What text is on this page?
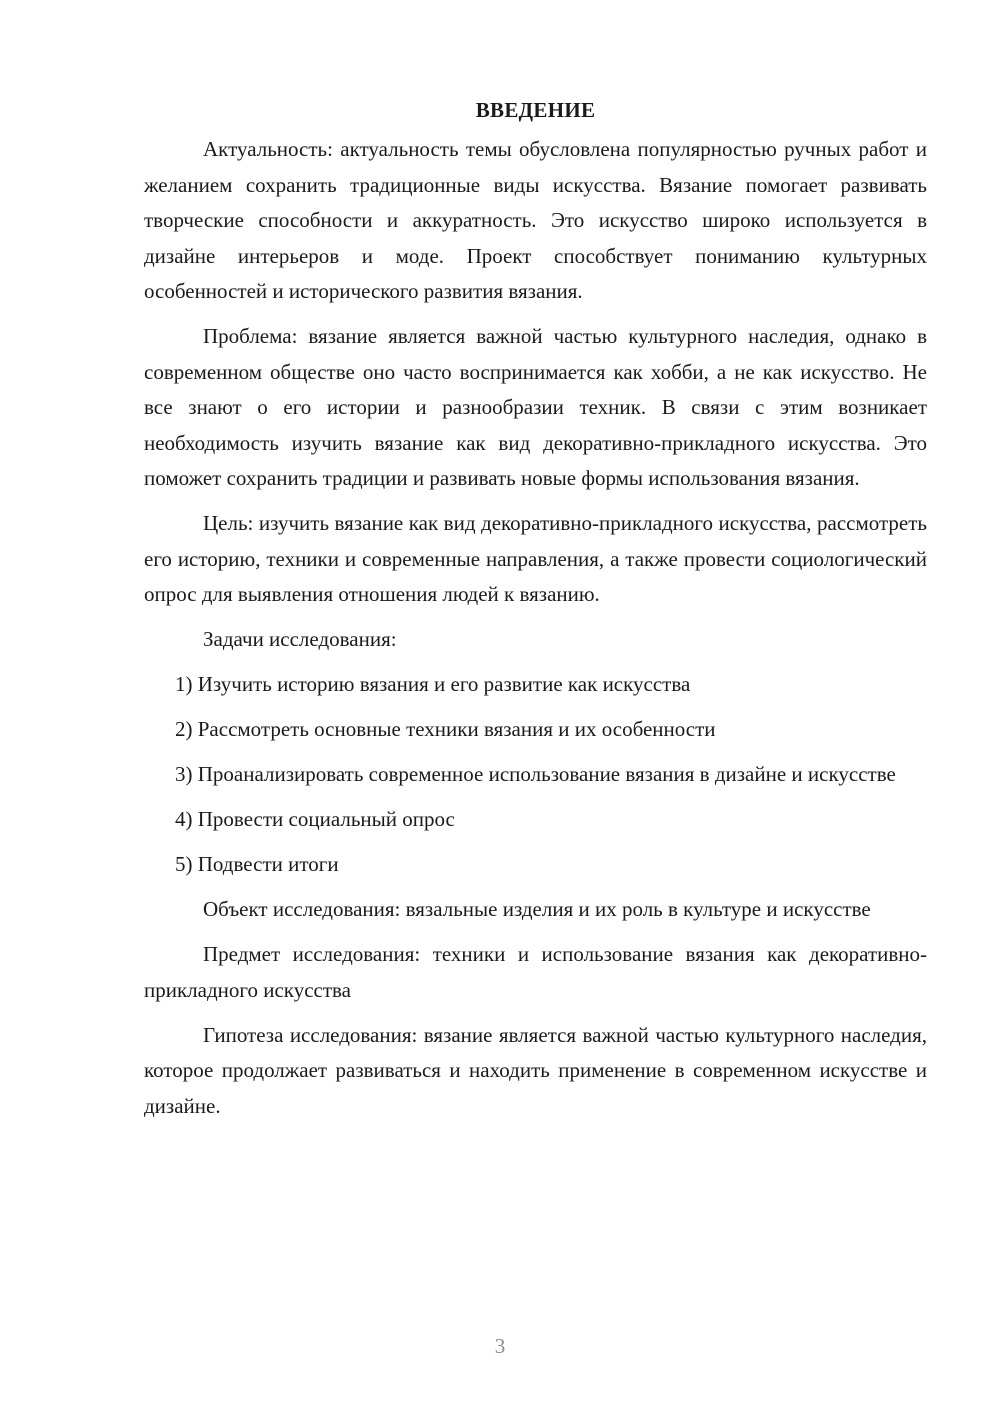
ВВЕДЕНИЕ

Актуальность: актуальность темы обусловлена популярностью ручных работ и желанием сохранить традиционные виды искусства. Вязание помогает развивать творческие способности и аккуратность. Это искусство широко используется в дизайне интерьеров и моде. Проект способствует пониманию культурных особенностей и исторического развития вязания.

Проблема: вязание является важной частью культурного наследия, однако в современном обществе оно часто воспринимается как хобби, а не как искусство. Не все знают о его истории и разнообразии техник. В связи с этим возникает необходимость изучить вязание как вид декоративно-прикладного искусства. Это поможет сохранить традиции и развивать новые формы использования вязания.

Цель: изучить вязание как вид декоративно-прикладного искусства, рассмотреть его историю, техники и современные направления, а также провести социологический опрос для выявления отношения людей к вязанию.

Задачи исследования:

1) Изучить историю вязания и его развитие как искусства

2) Рассмотреть основные техники вязания и их особенности

3) Проанализировать современное использование вязания в дизайне и искусстве

4) Провести социальный опрос

5) Подвести итоги

Объект исследования: вязальные изделия и их роль в культуре и искусстве

Предмет исследования: техники и использование вязания как декоративно-прикладного искусства

Гипотеза исследования: вязание является важной частью культурного наследия, которое продолжает развиваться и находить применение в современном искусстве и дизайне.

3
